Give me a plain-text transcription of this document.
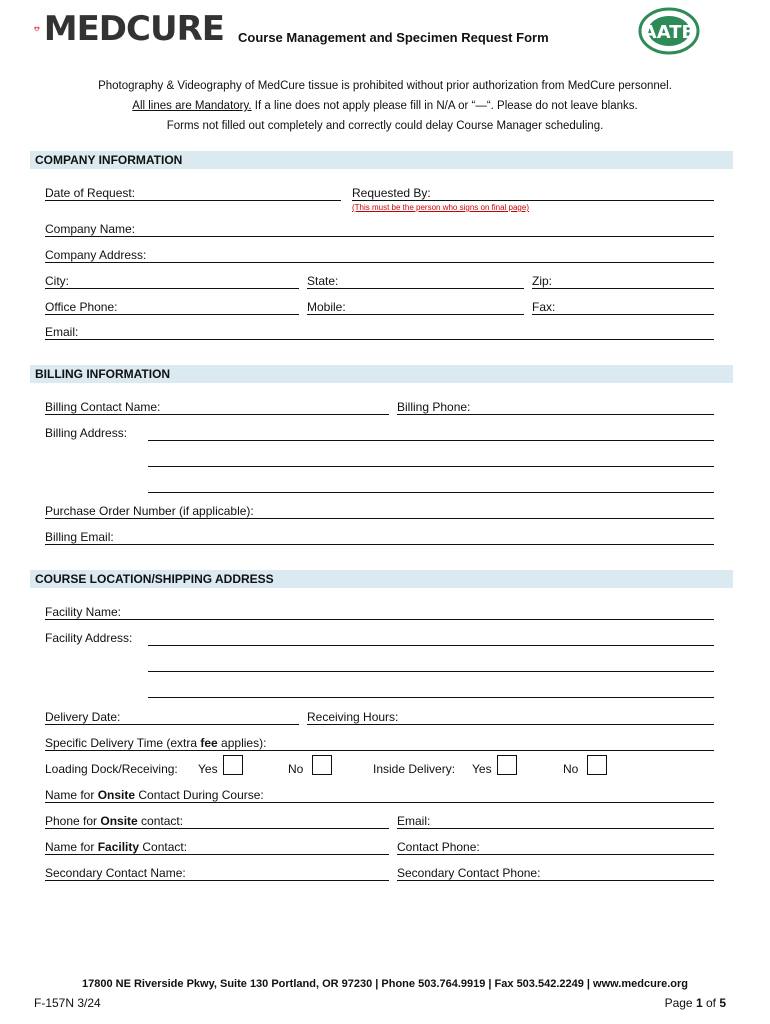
MEDCURE Course Management and Specimen Request Form	AATB
Photography & Videography of MedCure tissue is prohibited without prior authorization from MedCure personnel.
All lines are Mandatory. If a line does not apply please fill in N/A or “—“. Please do not leave blanks.
Forms not filled out completely and correctly could delay Course Manager scheduling.
COMPANY INFORMATION
Date of Request:	Requested By:
(This must be the person who signs on final page)
Company Name:
Company Address:
City:	State:	Zip:
Office Phone:	Mobile:	Fax:
Email:
BILLING INFORMATION
Billing Contact Name:	Billing Phone:
Billing Address:
Purchase Order Number (if applicable):
Billing Email:
COURSE LOCATION/SHIPPING ADDRESS
Facility Name:
Facility Address:
Delivery Date:	Receiving Hours:
Specific Delivery Time (extra fee applies):
Loading Dock/Receiving: Yes	No	Inside Delivery: Yes	No
Name for Onsite Contact During Course:
Phone for Onsite contact:	Email:
Name for Facility Contact:	Contact Phone:
Secondary Contact Name:	Secondary Contact Phone:
17800 NE Riverside Pkwy, Suite 130 Portland, OR 97230 | Phone 503.764.9919 | Fax 503.542.2249 | www.medcure.org
F-157N 3/24	Page 1 of 5
